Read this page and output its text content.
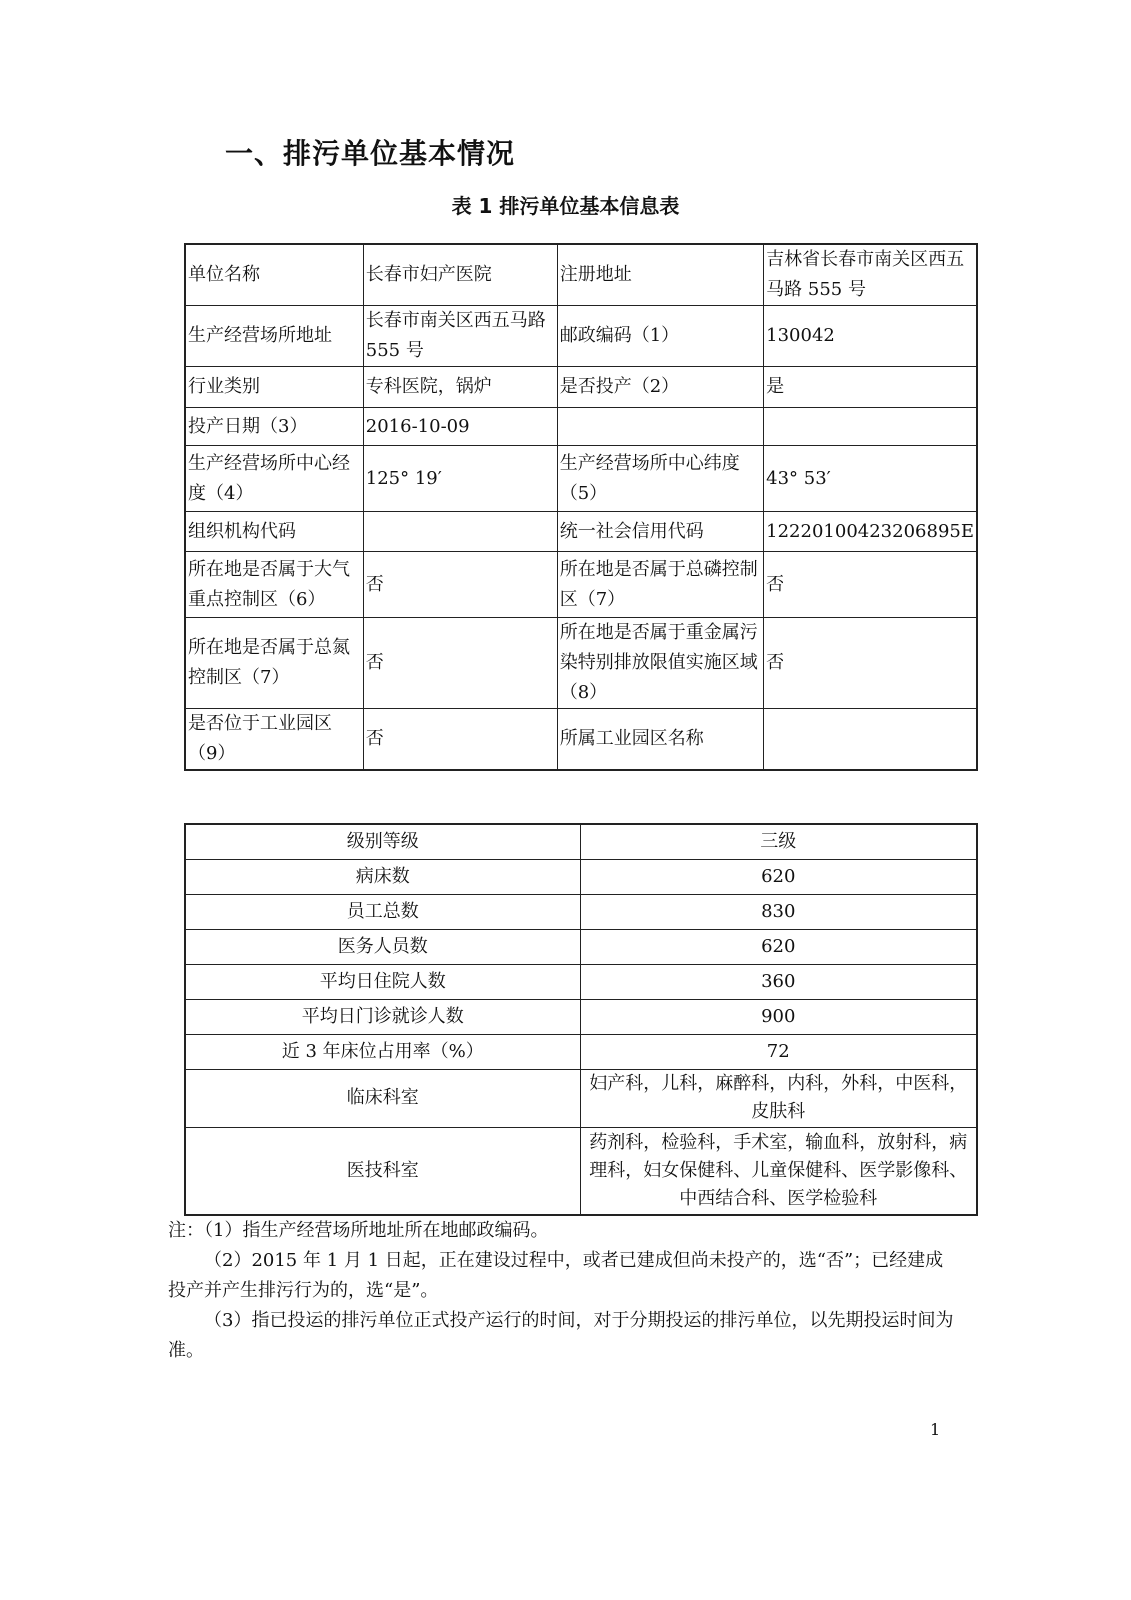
一、排污单位基本情况
表 1 排污单位基本信息表
单位名称	长春市妇产医院	注册地址	吉林省长春市南关区西五马路 555 号
生产经营场所地址	长春市南关区西五马路 555 号	邮政编码（1）	130042
行业类别	专科医院，锅炉	是否投产（2）	是
投产日期（3）	2016-10-09		
生产经营场所中心经度（4）	125° 19′	生产经营场所中心纬度（5）	43° 53′
组织机构代码		统一社会信用代码	12220100423206895E
所在地是否属于大气重点控制区（6）	否	所在地是否属于总磷控制区（7）	否
所在地是否属于总氮控制区（7）	否	所在地是否属于重金属污染特别排放限值实施区域（8）	否
是否位于工业园区（9）	否	所属工业园区名称	
级别等级	三级
病床数	620
员工总数	830
医务人员数	620
平均日住院人数	360
平均日门诊就诊人数	900
近 3 年床位占用率（%）	72
临床科室	妇产科，儿科，麻醉科，内科，外科，中医科，皮肤科
医技科室	药剂科，检验科，手术室，输血科，放射科，病理科，妇女保健科、儿童保健科、医学影像科、中西结合科、医学检验科

注：（1）指生产经营场所地址所在地邮政编码。

（2）2015 年 1 月 1 日起，正在建设过程中，或者已建成但尚未投产的，选“否”；已经建成投产并产生排污行为的，选“是”。

（3）指已投运的排污单位正式投产运行的时间，对于分期投运的排污单位，以先期投运时间为准。

1
